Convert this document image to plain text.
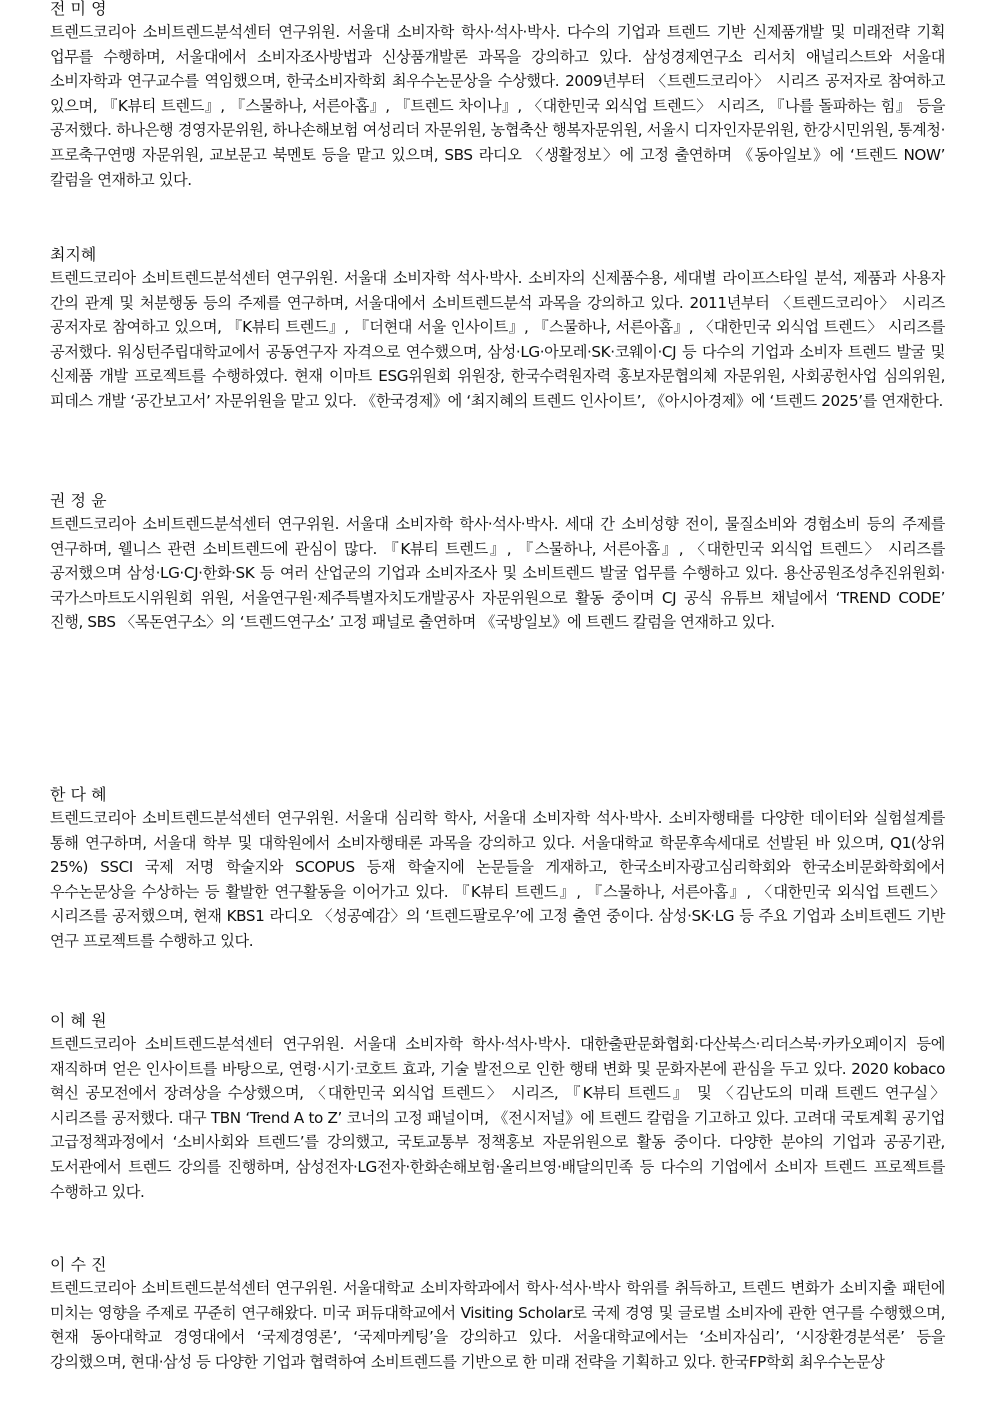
전 미 영
트렌드코리아 소비트렌드분석센터 연구위원. 서울대 소비자학 학사·석사·박사. 다수의 기업과 트렌드 기반 신제품개발 및 미래전략 기획 업무를 수행하며, 서울대에서 소비자조사방법과 신상품개발론 과목을 강의하고 있다. 삼성경제연구소 리서치 애널리스트와 서울대 소비자학과 연구교수를 역임했으며, 한국소비자학회 최우수논문상을 수상했다. 2009년부터 〈트렌드코리아〉 시리즈 공저자로 참여하고 있으며, 『K뷰티 트렌드』, 『스물하나, 서른아홉』, 『트렌드 차이나』, 〈대한민국 외식업 트렌드〉 시리즈, 『나를 돌파하는 힘』 등을 공저했다. 하나은행 경영자문위원, 하나손해보험 여성리더 자문위원, 농협축산 행복자문위원, 서울시 디자인자문위원, 한강시민위원, 통계청·프로축구연맹 자문위원, 교보문고 북멘토 등을 맡고 있으며, SBS 라디오 〈생활정보〉에 고정 출연하며 《동아일보》에 ‘트렌드 NOW’ 칼럼을 연재하고 있다.
최지혜
트렌드코리아 소비트렌드분석센터 연구위원. 서울대 소비자학 석사·박사. 소비자의 신제품수용, 세대별 라이프스타일 분석, 제품과 사용자 간의 관계 및 처분행동 등의 주제를 연구하며, 서울대에서 소비트렌드분석 과목을 강의하고 있다. 2011년부터 〈트렌드코리아〉 시리즈 공저자로 참여하고 있으며, 『K뷰티 트렌드』, 『더현대 서울 인사이트』, 『스물하나, 서른아홉』, 〈대한민국 외식업 트렌드〉 시리즈를 공저했다. 워싱턴주립대학교에서 공동연구자 자격으로 연수했으며, 삼성·LG·아모레·SK·코웨이·CJ 등 다수의 기업과 소비자 트렌드 발굴 및 신제품 개발 프로젝트를 수행하였다. 현재 이마트 ESG위원회 위원장, 한국수력원자력 홍보자문협의체 자문위원, 사회공헌사업 심의위원, 피데스 개발 ‘공간보고서’ 자문위원을 맡고 있다. 《한국경제》에 ‘최지혜의 트렌드 인사이트’, 《아시아경제》에 ‘트렌드 2025’를 연재한다.
권 정 윤
트렌드코리아 소비트렌드분석센터 연구위원. 서울대 소비자학 학사·석사·박사. 세대 간 소비성향 전이, 물질소비와 경험소비 등의 주제를 연구하며, 웰니스 관련 소비트렌드에 관심이 많다. 『K뷰티 트렌드』, 『스물하나, 서른아홉』, 〈대한민국 외식업 트렌드〉 시리즈를 공저했으며 삼성·LG·CJ·한화·SK 등 여러 산업군의 기업과 소비자조사 및 소비트렌드 발굴 업무를 수행하고 있다. 용산공원조성추진위원회·국가스마트도시위원회 위원, 서울연구원·제주특별자치도개발공사 자문위원으로 활동 중이며 CJ 공식 유튜브 채널에서 ‘TREND CODE’ 진행, SBS 〈목돈연구소〉의 ‘트렌드연구소’ 고정 패널로 출연하며 《국방일보》에 트렌드 칼럼을 연재하고 있다.
한 다 혜
트렌드코리아 소비트렌드분석센터 연구위원. 서울대 심리학 학사, 서울대 소비자학 석사·박사. 소비자행태를 다양한 데이터와 실험설계를 통해 연구하며, 서울대 학부 및 대학원에서 소비자행태론 과목을 강의하고 있다. 서울대학교 학문후속세대로 선발된 바 있으며, Q1(상위 25%) SSCI 국제 저명 학술지와 SCOPUS 등재 학술지에 논문들을 게재하고, 한국소비자광고심리학회와 한국소비문화학회에서 우수논문상을 수상하는 등 활발한 연구활동을 이어가고 있다. 『K뷰티 트렌드』, 『스물하나, 서른아홉』, 〈대한민국 외식업 트렌드〉 시리즈를 공저했으며, 현재 KBS1 라디오 〈성공예감〉의 ‘트렌드팔로우’에 고정 출연 중이다. 삼성·SK·LG 등 주요 기업과 소비트렌드 기반 연구 프로젝트를 수행하고 있다.
이 혜 원
트렌드코리아 소비트렌드분석센터 연구위원. 서울대 소비자학 학사·석사·박사. 대한출판문화협회·다산북스·리더스북·카카오페이지 등에 재직하며 얻은 인사이트를 바탕으로, 연령·시기·코호트 효과, 기술 발전으로 인한 행태 변화 및 문화자본에 관심을 두고 있다. 2020 kobaco 혁신 공모전에서 장려상을 수상했으며, 〈대한민국 외식업 트렌드〉 시리즈, 『K뷰티 트렌드』 및 〈김난도의 미래 트렌드 연구실〉 시리즈를 공저했다. 대구 TBN ‘Trend A to Z’ 코너의 고정 패널이며, 《전시저널》에 트렌드 칼럼을 기고하고 있다. 고려대 국토계획 공기업 고급정책과정에서 ‘소비사회와 트렌드’를 강의했고, 국토교통부 정책홍보 자문위원으로 활동 중이다. 다양한 분야의 기업과 공공기관, 도서관에서 트렌드 강의를 진행하며, 삼성전자·LG전자·한화손해보험·올리브영·배달의민족 등 다수의 기업에서 소비자 트렌드 프로젝트를 수행하고 있다.
이 수 진
트렌드코리아 소비트렌드분석센터 연구위원. 서울대학교 소비자학과에서 학사·석사·박사 학위를 취득하고, 트렌드 변화가 소비지출 패턴에 미치는 영향을 주제로 꾸준히 연구해왔다. 미국 퍼듀대학교에서 Visiting Scholar로 국제 경영 및 글로벌 소비자에 관한 연구를 수행했으며, 현재 동아대학교 경영대에서 ‘국제경영론’, ‘국제마케팅’을 강의하고 있다. 서울대학교에서는 ‘소비자심리’, ‘시장환경분석론’ 등을 강의했으며, 현대·삼성 등 다양한 기업과 협력하여 소비트렌드를 기반으로 한 미래 전략을 기획하고 있다. 한국FP학회 최우수논문상
